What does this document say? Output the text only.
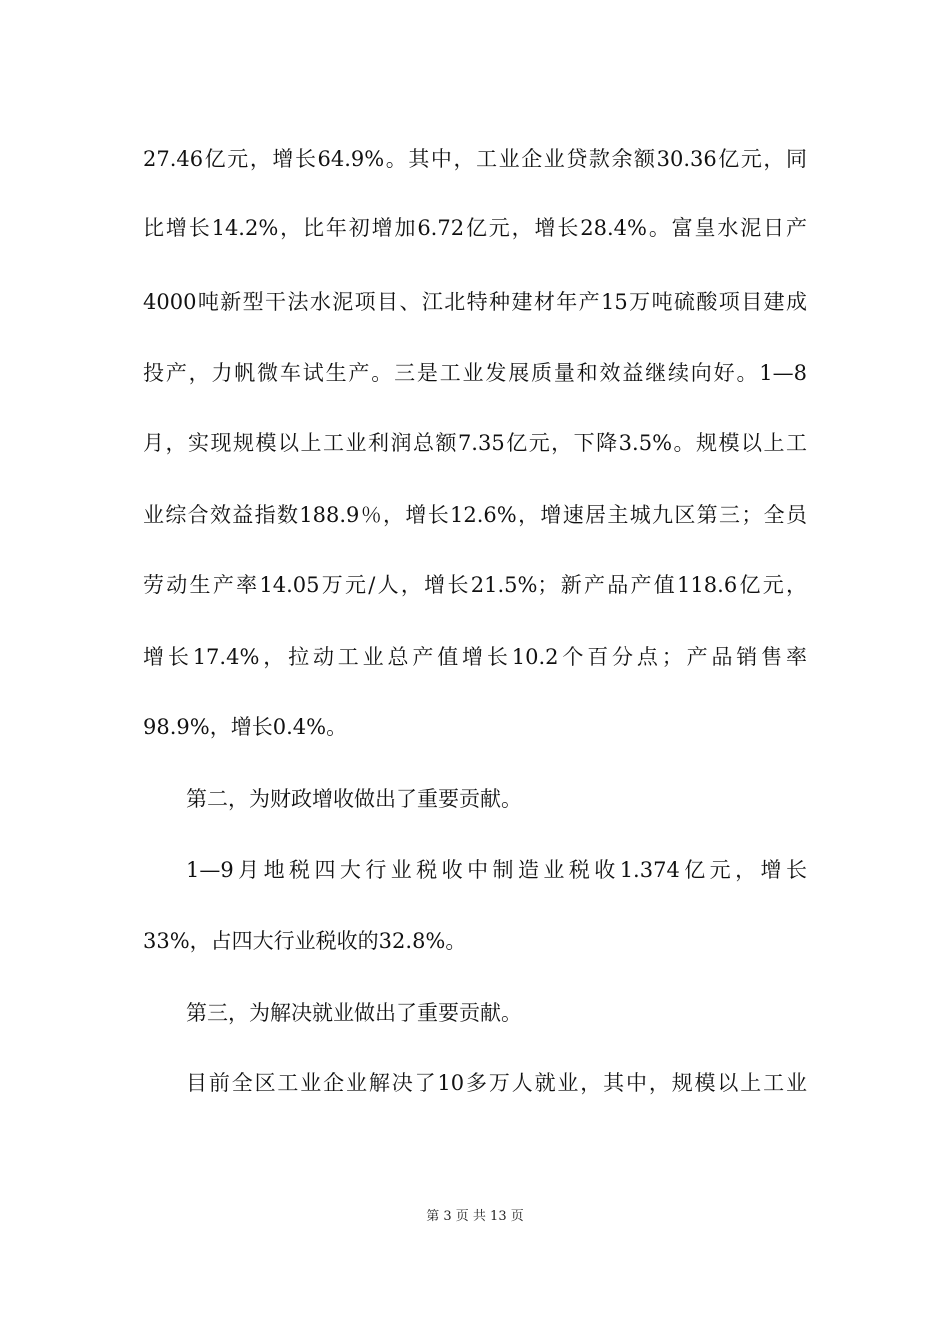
27.46亿元，增长64.9%。其中，工业企业贷款余额30.36亿元，同
比增长14.2%，比年初增加6.72亿元，增长28.4%。富皇水泥日产
4000吨新型干法水泥项目、江北特种建材年产15万吨硫酸项目建成
投产，力帆微车试生产。三是工业发展质量和效益继续向好。1—8
月，实现规模以上工业利润总额7.35亿元，下降3.5%。规模以上工
业综合效益指数188.9％，增长12.6%，增速居主城九区第三；全员
劳动生产率14.05万元/人，增长21.5%；新产品产值118.6亿元，
增长17.4%，拉动工业总产值增长10.2个百分点；产品销售率
98.9%，增长0.4%。
第二，为财政增收做出了重要贡献。
1—9月地税四大行业税收中制造业税收1.374亿元，增长
33%，占四大行业税收的32.8%。
第三，为解决就业做出了重要贡献。
目前全区工业企业解决了10多万人就业，其中，规模以上工业
第 3 页 共 13 页
